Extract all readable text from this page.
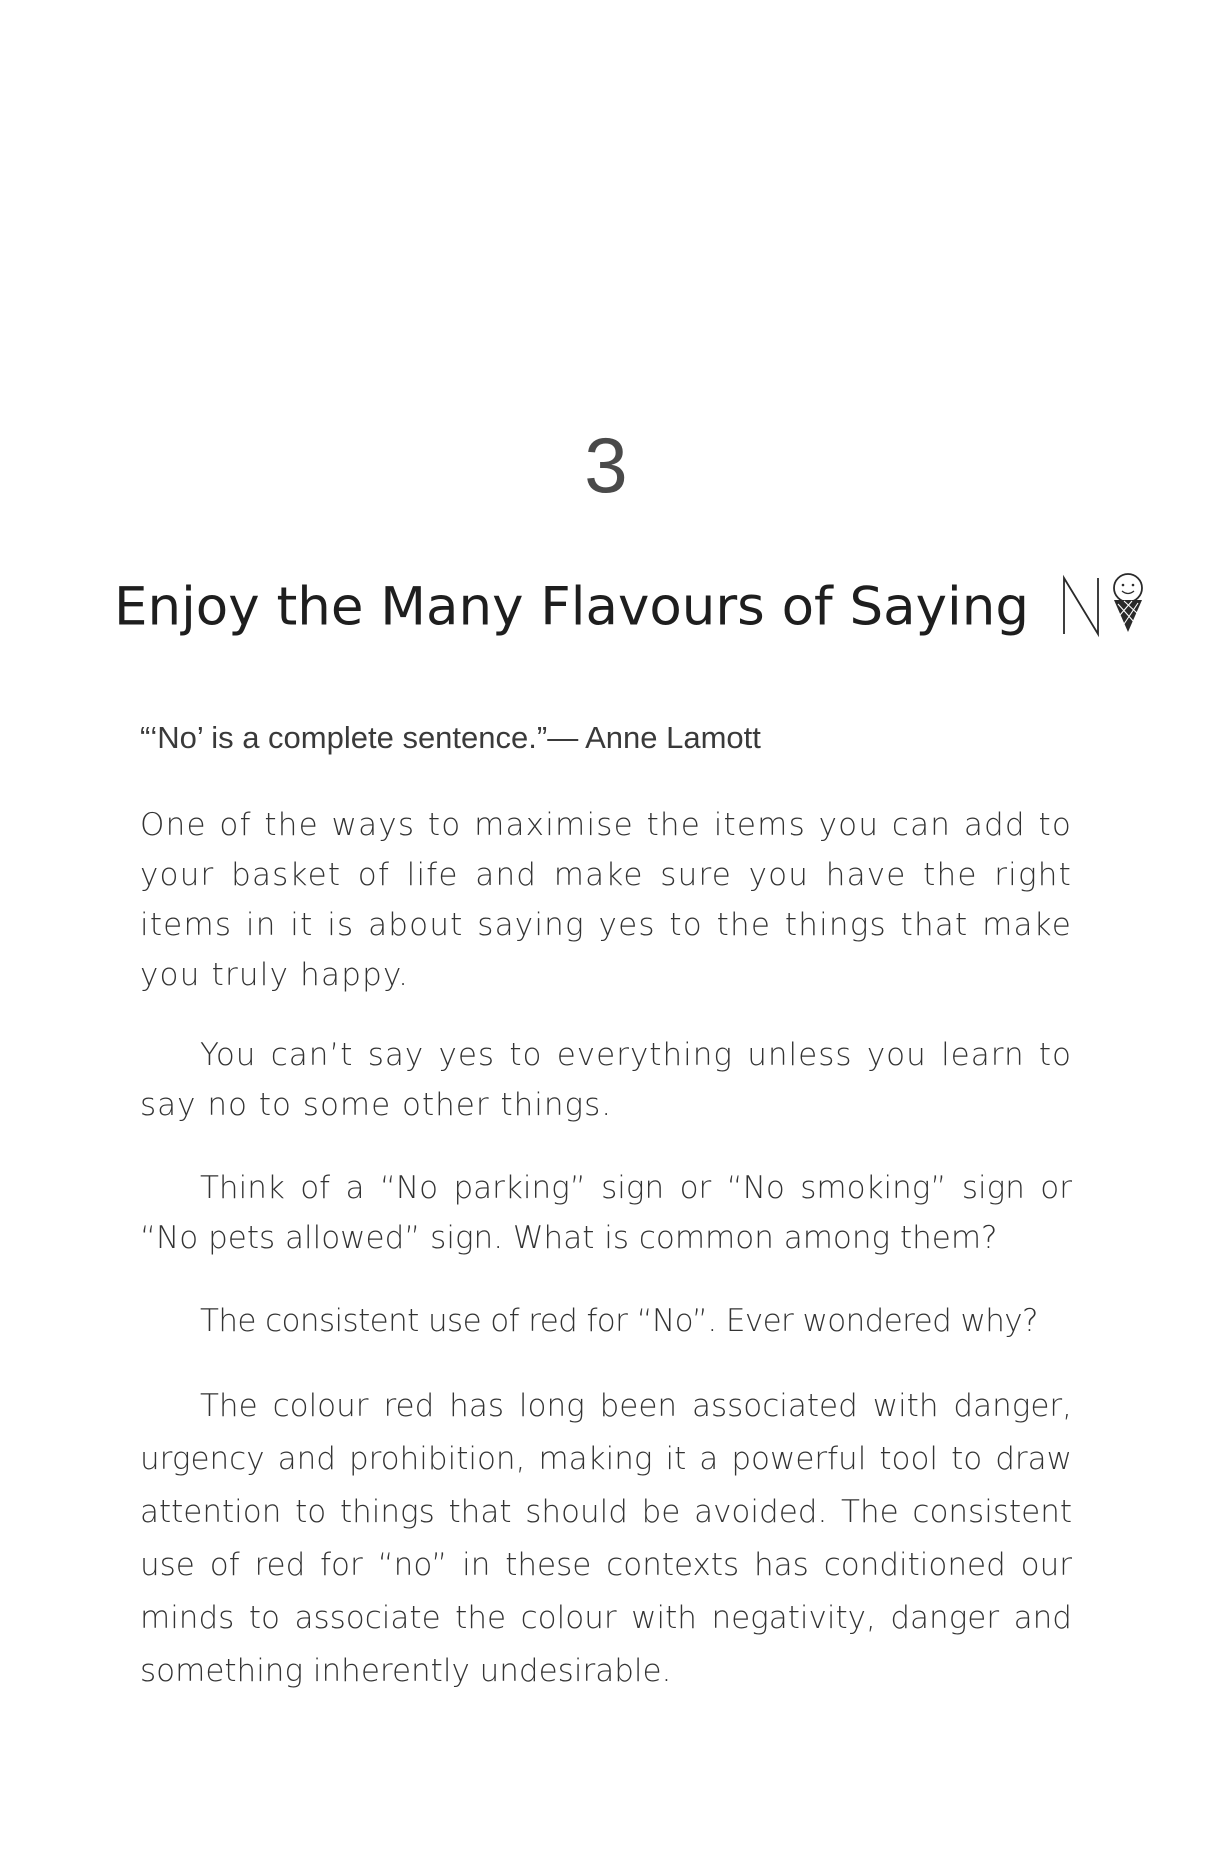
3
Enjoy the Many Flavours of Saying
“‘No’ is a complete sentence.”— Anne Lamott

One of the ways to maximise the items you can add to your basket of life and make sure you have the right items in it is about saying yes to the things that make you truly happy.

You can’t say yes to everything unless you learn to say no to some other things.

Think of a “No parking” sign or “No smoking” sign or “No pets allowed” sign. What is common among them?

The consistent use of red for “No”. Ever wondered why?

The colour red has long been associated with danger, urgency and prohibition, making it a powerful tool to draw attention to things that should be avoided. The consistent use of red for “no” in these contexts has conditioned our minds to associate the colour with negativity, danger and something inherently undesirable.
